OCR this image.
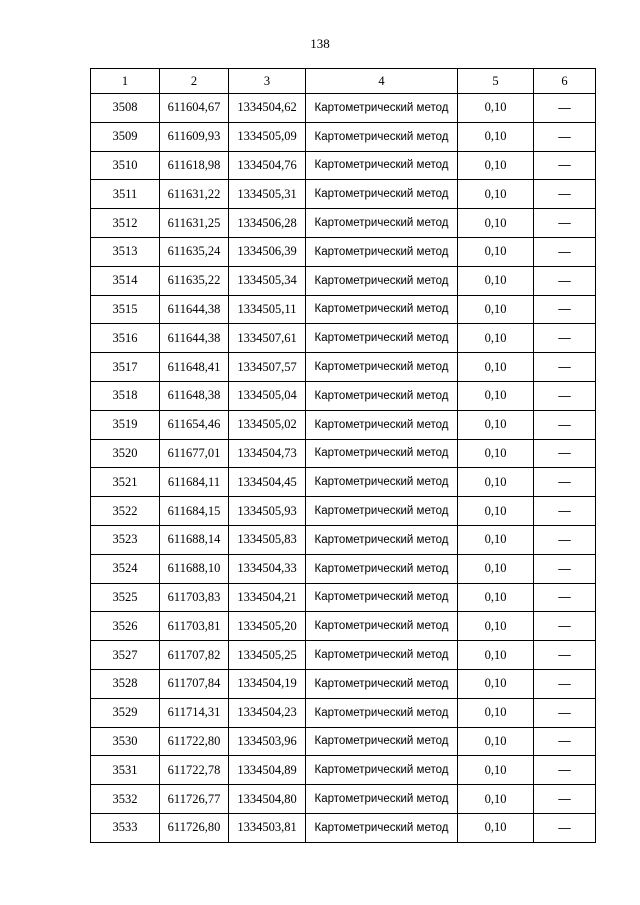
138
1	2	3	4	5	6
3508	611604,67	1334504,62	Картометрический метод	0,10	—
3509	611609,93	1334505,09	Картометрический метод	0,10	—
3510	611618,98	1334504,76	Картометрический метод	0,10	—
3511	611631,22	1334505,31	Картометрический метод	0,10	—
3512	611631,25	1334506,28	Картометрический метод	0,10	—
3513	611635,24	1334506,39	Картометрический метод	0,10	—
3514	611635,22	1334505,34	Картометрический метод	0,10	—
3515	611644,38	1334505,11	Картометрический метод	0,10	—
3516	611644,38	1334507,61	Картометрический метод	0,10	—
3517	611648,41	1334507,57	Картометрический метод	0,10	—
3518	611648,38	1334505,04	Картометрический метод	0,10	—
3519	611654,46	1334505,02	Картометрический метод	0,10	—
3520	611677,01	1334504,73	Картометрический метод	0,10	—
3521	611684,11	1334504,45	Картометрический метод	0,10	—
3522	611684,15	1334505,93	Картометрический метод	0,10	—
3523	611688,14	1334505,83	Картометрический метод	0,10	—
3524	611688,10	1334504,33	Картометрический метод	0,10	—
3525	611703,83	1334504,21	Картометрический метод	0,10	—
3526	611703,81	1334505,20	Картометрический метод	0,10	—
3527	611707,82	1334505,25	Картометрический метод	0,10	—
3528	611707,84	1334504,19	Картометрический метод	0,10	—
3529	611714,31	1334504,23	Картометрический метод	0,10	—
3530	611722,80	1334503,96	Картометрический метод	0,10	—
3531	611722,78	1334504,89	Картометрический метод	0,10	—
3532	611726,77	1334504,80	Картометрический метод	0,10	—
3533	611726,80	1334503,81	Картометрический метод	0,10	—
